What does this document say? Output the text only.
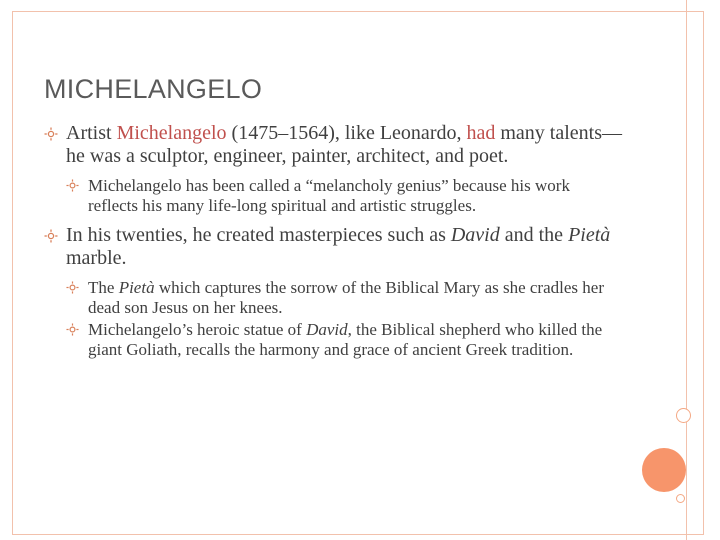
MICHELANGELO
Artist Michelangelo (1475–1564), like Leonardo, had many talents—he was a sculptor, engineer, painter, architect, and poet.
Michelangelo has been called a “melancholy genius” because his work reflects his many life-long spiritual and artistic struggles.
In his twenties, he created masterpieces such as David and the Pietà marble.
The Pietà which captures the sorrow of the Biblical Mary as she cradles her dead son Jesus on her knees.
Michelangelo’s heroic statue of David, the Biblical shepherd who killed the giant Goliath, recalls the harmony and grace of ancient Greek tradition.
